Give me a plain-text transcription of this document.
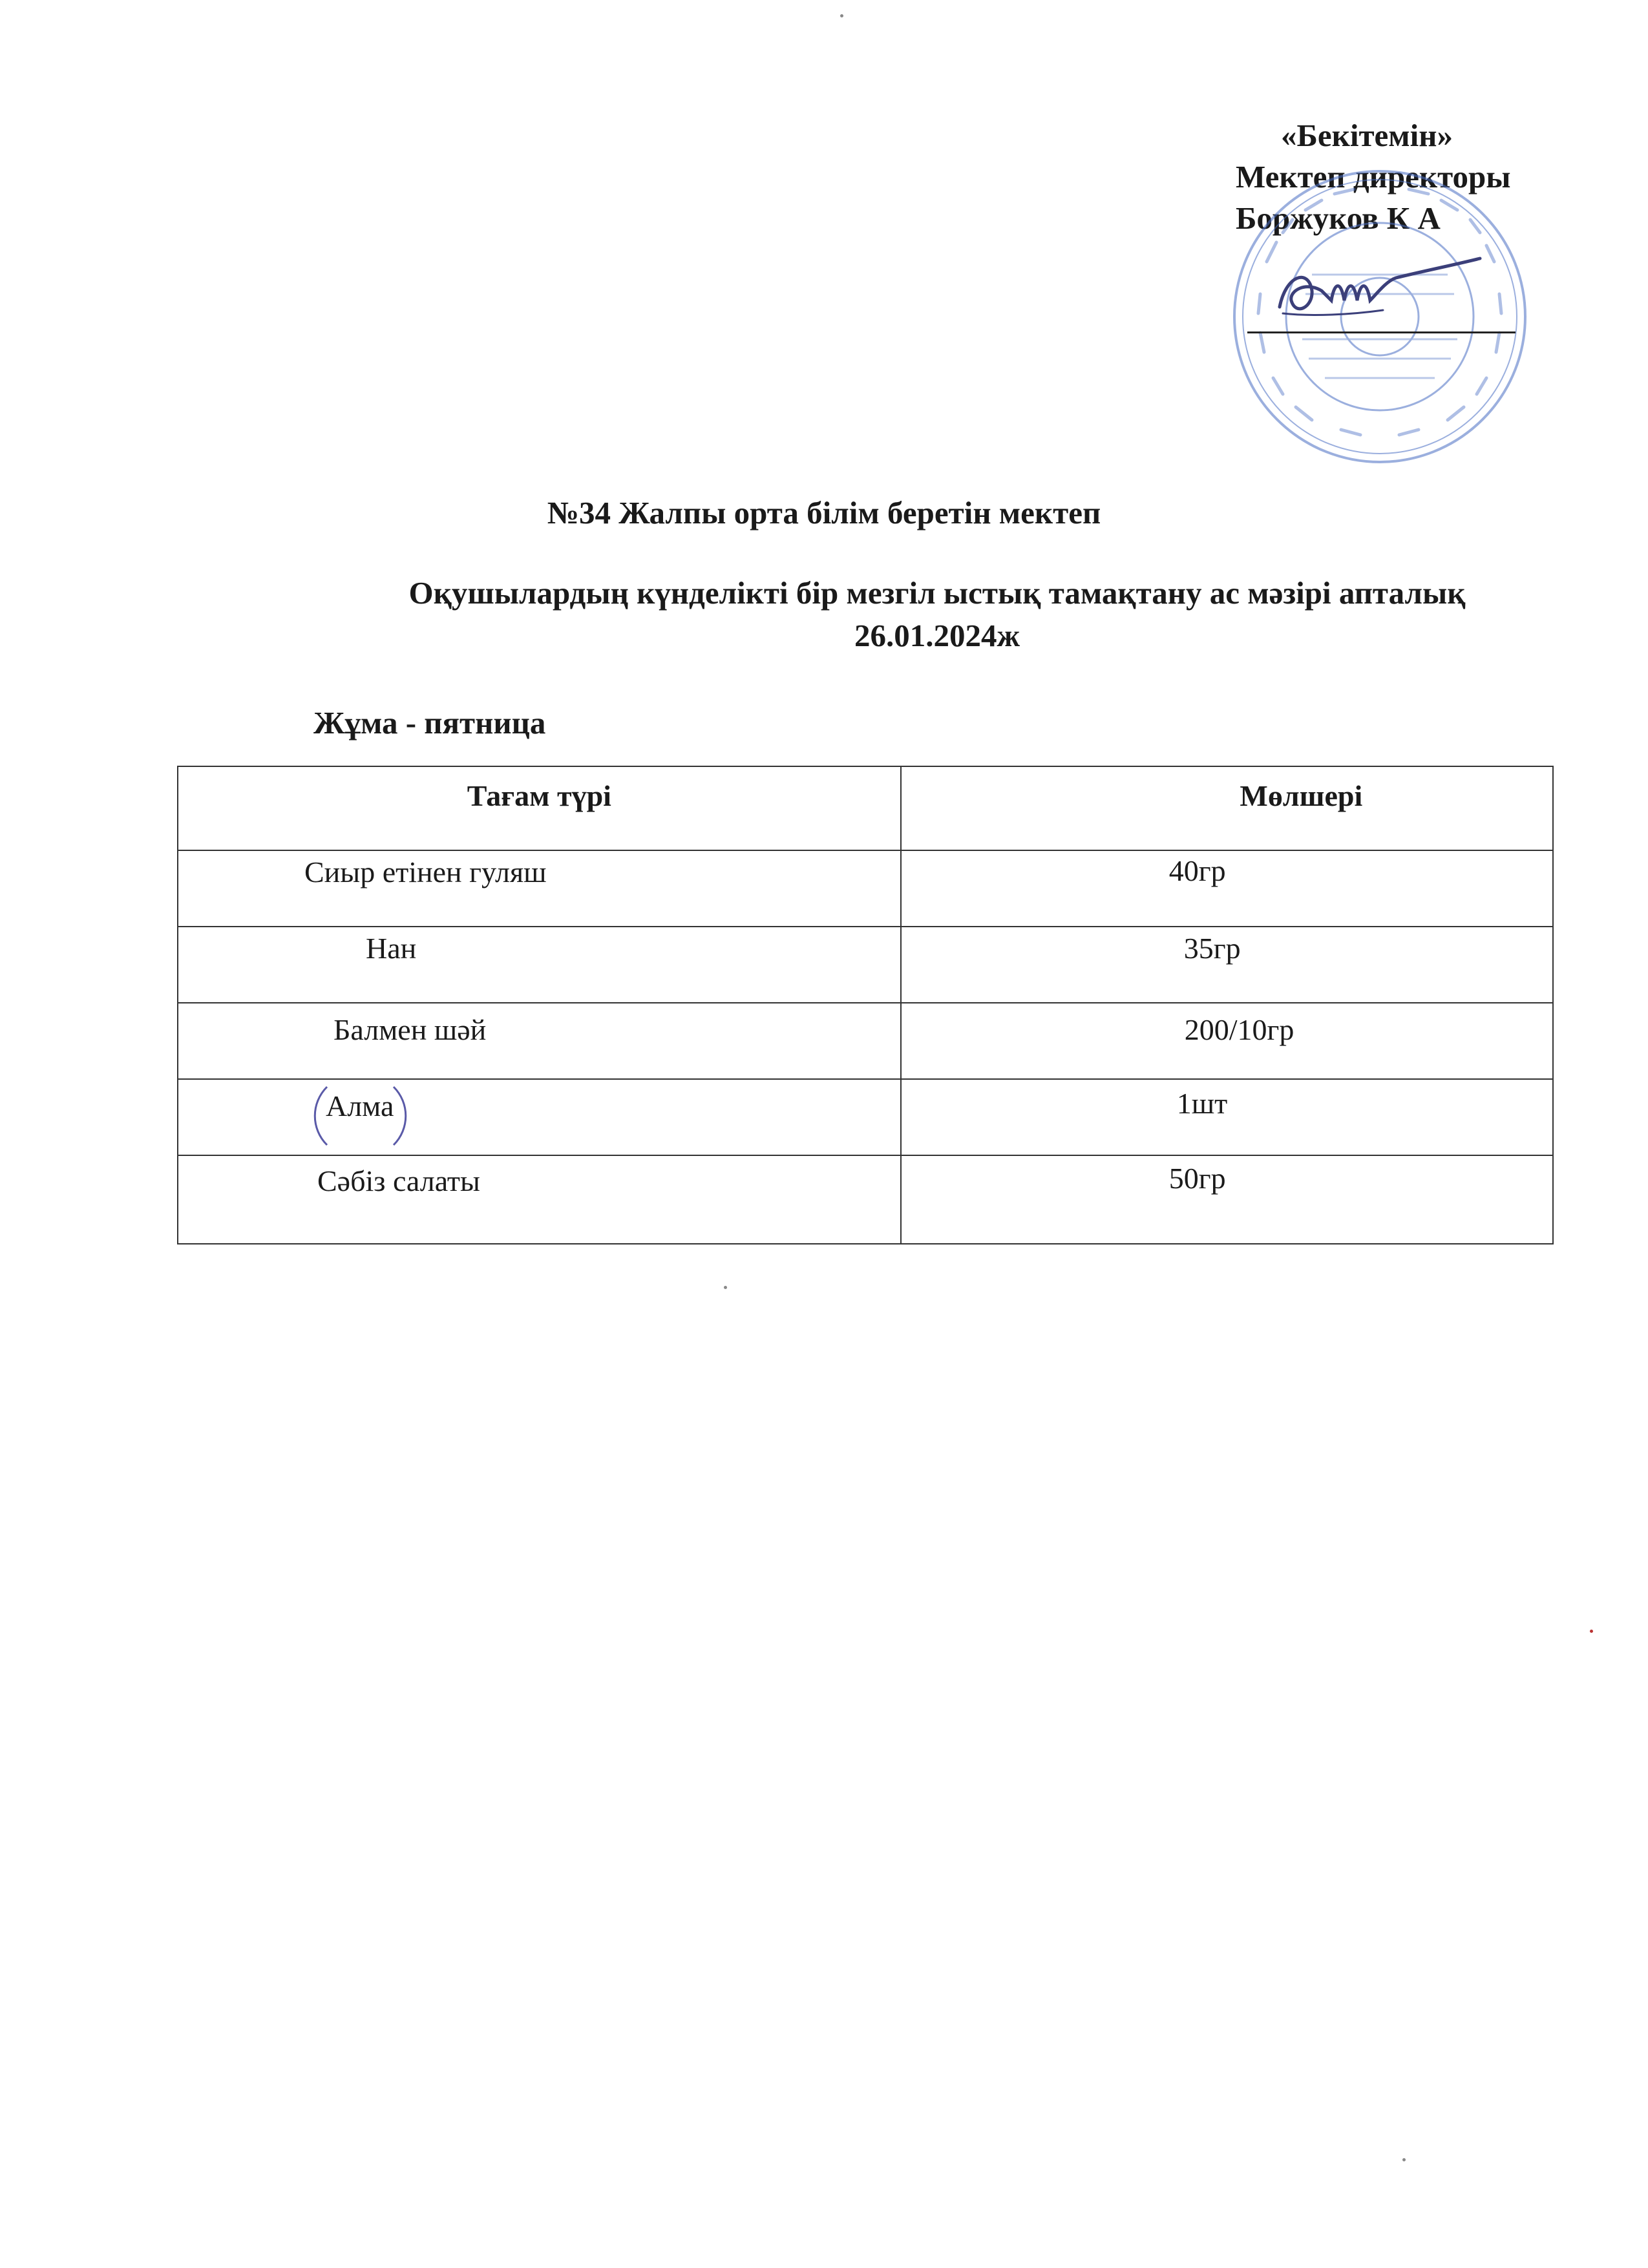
«Бекітемін»
Мектеп директоры
Боржуков К А
№34 Жалпы орта білім беретін мектеп
Оқушылардың күнделікті бір мезгіл ыстық тамақтану ас мәзірі апталық
26.01.2024ж
Жұма - пятница
Тағам түрі	Мөлшері

Сиыр етінен гуляш	40гр

Нан	35гр

Балмен шәй	200/10гр

Алма	1шт

Сәбіз салаты	50гр
